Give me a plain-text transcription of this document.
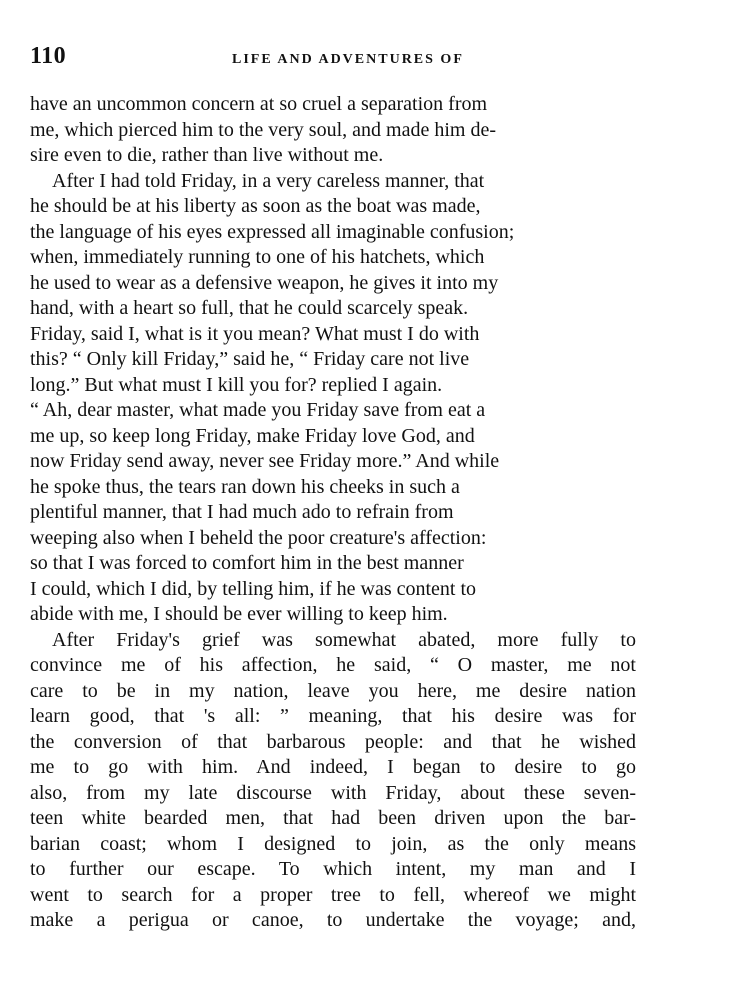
110	LIFE AND ADVENTURES OF

have an uncommon concern at so cruel a separation from
me, which pierced him to the very soul, and made him de-
sire even to die, rather than live without me.

After I had told Friday, in a very careless manner, that
he should be at his liberty as soon as the boat was made,
the language of his eyes expressed all imaginable confusion;
when, immediately running to one of his hatchets, which
he used to wear as a defensive weapon, he gives it into my
hand, with a heart so full, that he could scarcely speak.
Friday, said I, what is it you mean? What must I do with
this? “ Only kill Friday,” said he, “ Friday care not live
long.” But what must I kill you for? replied I again.
“ Ah, dear master, what made you Friday save from eat a
me up, so keep long Friday, make Friday love God, and
now Friday send away, never see Friday more.” And while
he spoke thus, the tears ran down his cheeks in such a
plentiful manner, that I had much ado to refrain from
weeping also when I beheld the poor creature's affection:
so that I was forced to comfort him in the best manner
I could, which I did, by telling him, if he was content to
abide with me, I should be ever willing to keep him.

After Friday's grief was somewhat abated, more fully to
convince me of his affection, he said, “ O master, me not
care to be in my nation, leave you here, me desire nation
learn good, that 's all: ” meaning, that his desire was for
the conversion of that barbarous people: and that he wished
me to go with him. And indeed, I began to desire to go
also, from my late discourse with Friday, about these seven-
teen white bearded men, that had been driven upon the bar-
barian coast; whom I designed to join, as the only means
to further our escape. To which intent, my man and I
went to search for a proper tree to fell, whereof we might
make a perigua or canoe, to undertake the voyage; and,
